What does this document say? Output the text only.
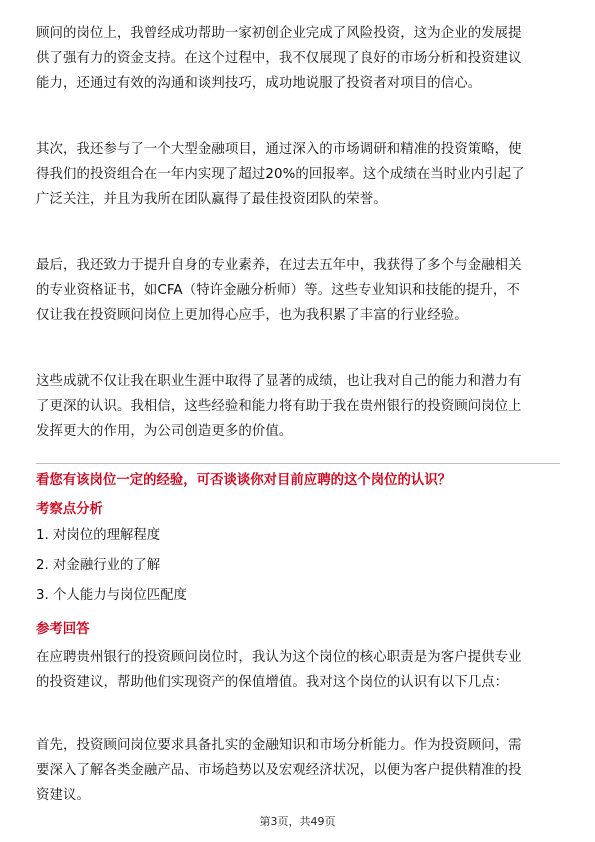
顾问的岗位上，我曾经成功帮助一家初创企业完成了风险投资，这为企业的发展提
供了强有力的资金支持。在这个过程中，我不仅展现了良好的市场分析和投资建议
能力，还通过有效的沟通和谈判技巧，成功地说服了投资者对项目的信心。

其次，我还参与了一个大型金融项目，通过深入的市场调研和精准的投资策略，使
得我们的投资组合在一年内实现了超过20%的回报率。这个成绩在当时业内引起了
广泛关注，并且为我所在团队赢得了最佳投资团队的荣誉。

最后，我还致力于提升自身的专业素养，在过去五年中，我获得了多个与金融相关
的专业资格证书，如CFA（特许金融分析师）等。这些专业知识和技能的提升，不
仅让我在投资顾问岗位上更加得心应手，也为我积累了丰富的行业经验。

这些成就不仅让我在职业生涯中取得了显著的成绩，也让我对自己的能力和潜力有
了更深的认识。我相信，这些经验和能力将有助于我在贵州银行的投资顾问岗位上
发挥更大的作用，为公司创造更多的价值。

看您有该岗位一定的经验，可否谈谈你对目前应聘的这个岗位的认识？
考察点分析
1. 对岗位的理解程度
2. 对金融行业的了解
3. 个人能力与岗位匹配度
参考回答

在应聘贵州银行的投资顾问岗位时，我认为这个岗位的核心职责是为客户提供专业
的投资建议，帮助他们实现资产的保值增值。我对这个岗位的认识有以下几点：

首先，投资顾问岗位要求具备扎实的金融知识和市场分析能力。作为投资顾问，需
要深入了解各类金融产品、市场趋势以及宏观经济状况，以便为客户提供精准的投
资建议。

第3页，共49页
